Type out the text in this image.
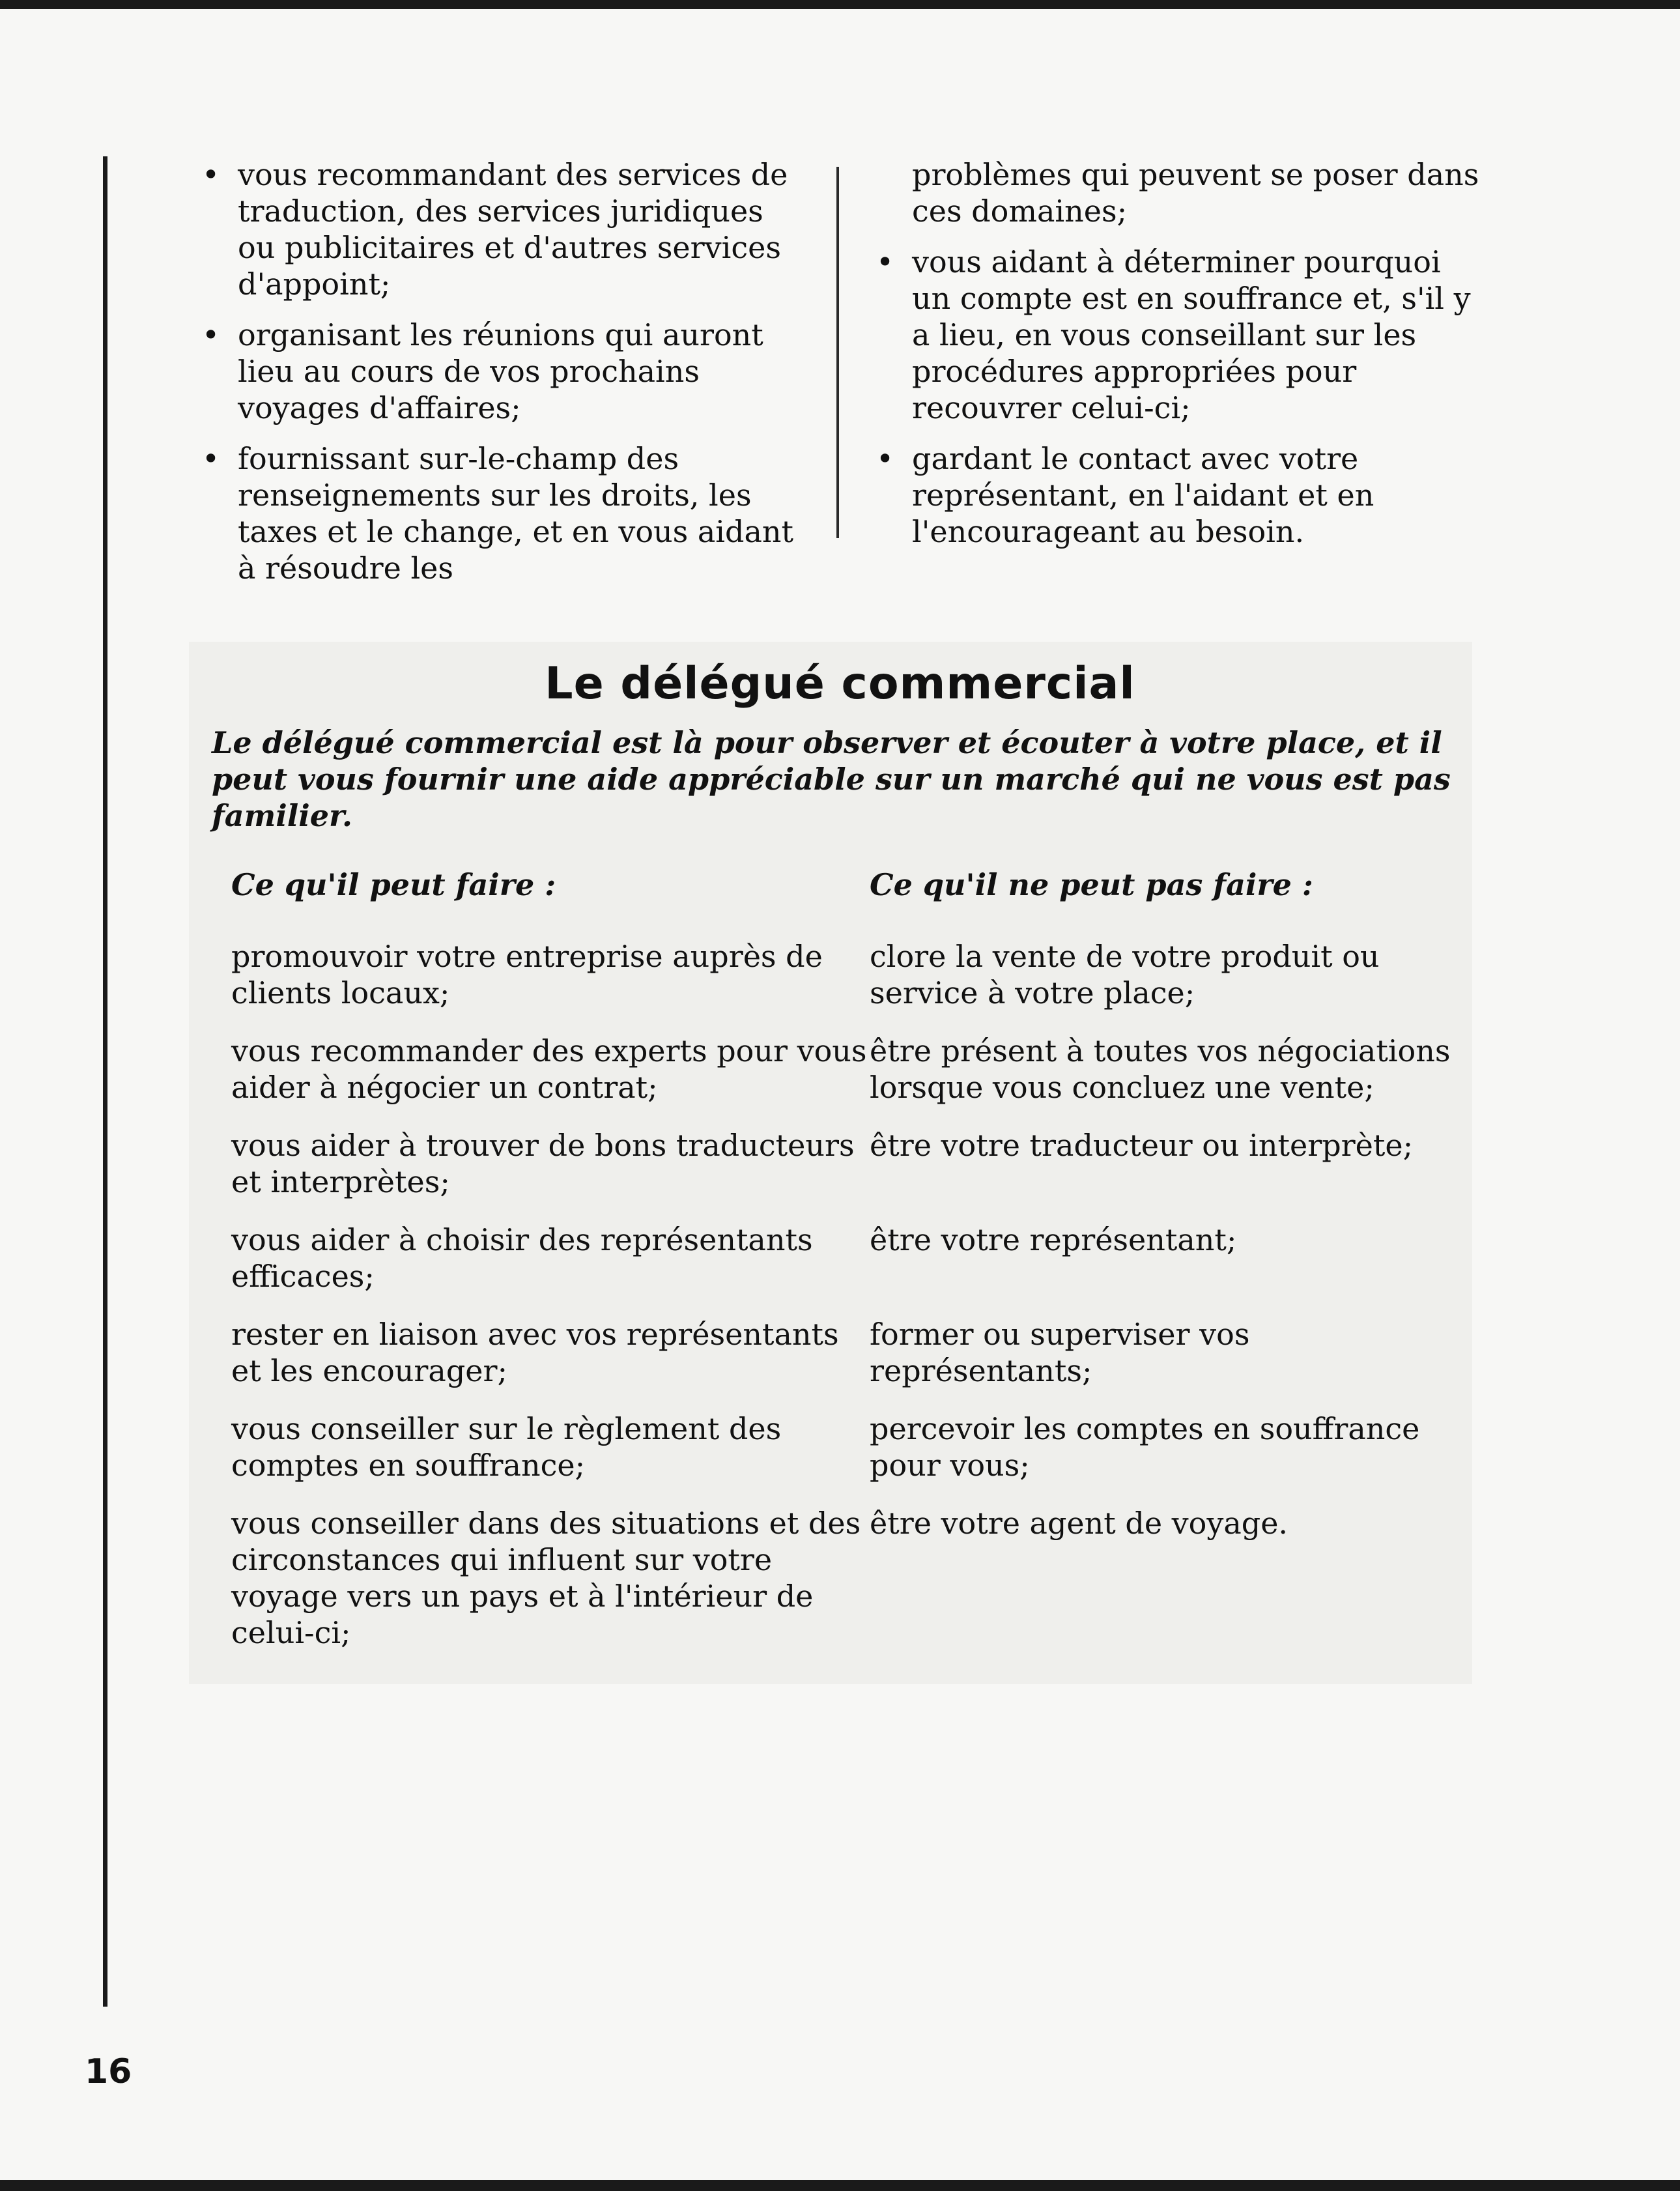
• vous recommandant des services de traduction, des services juridiques ou publicitaires et d'autres services d'appoint;
• organisant les réunions qui auront lieu au cours de vos prochains voyages d'affaires;
• fournissant sur-le-champ des renseignements sur les droits, les taxes et le change, et en vous aidant à résoudre les
problèmes qui peuvent se poser dans ces domaines;
• vous aidant à déterminer pourquoi un compte est en souffrance et, s'il y a lieu, en vous conseillant sur les procédures appropriées pour recouvrer celui-ci;
• gardant le contact avec votre représentant, en l'aidant et en l'encourageant au besoin.
Le délégué commercial
Le délégué commercial est là pour observer et écouter à votre place, et il peut vous fournir une aide appréciable sur un marché qui ne vous est pas familier.
Ce qu'il peut faire :	Ce qu'il ne peut pas faire :
promouvoir votre entreprise auprès de clients locaux;
clore la vente de votre produit ou service à votre place;
vous recommander des experts pour vous aider à négocier un contrat;
être présent à toutes vos négociations lorsque vous concluez une vente;
vous aider à trouver de bons traducteurs et interprètes;
être votre traducteur ou interprète;
vous aider à choisir des représentants efficaces;
être votre représentant;
rester en liaison avec vos représentants et les encourager;
former ou superviser vos représentants;
vous conseiller sur le règlement des comptes en souffrance;
percevoir les comptes en souffrance pour vous;
vous conseiller dans des situations et des circonstances qui influent sur votre voyage vers un pays et à l'intérieur de celui-ci;
être votre agent de voyage.
16
